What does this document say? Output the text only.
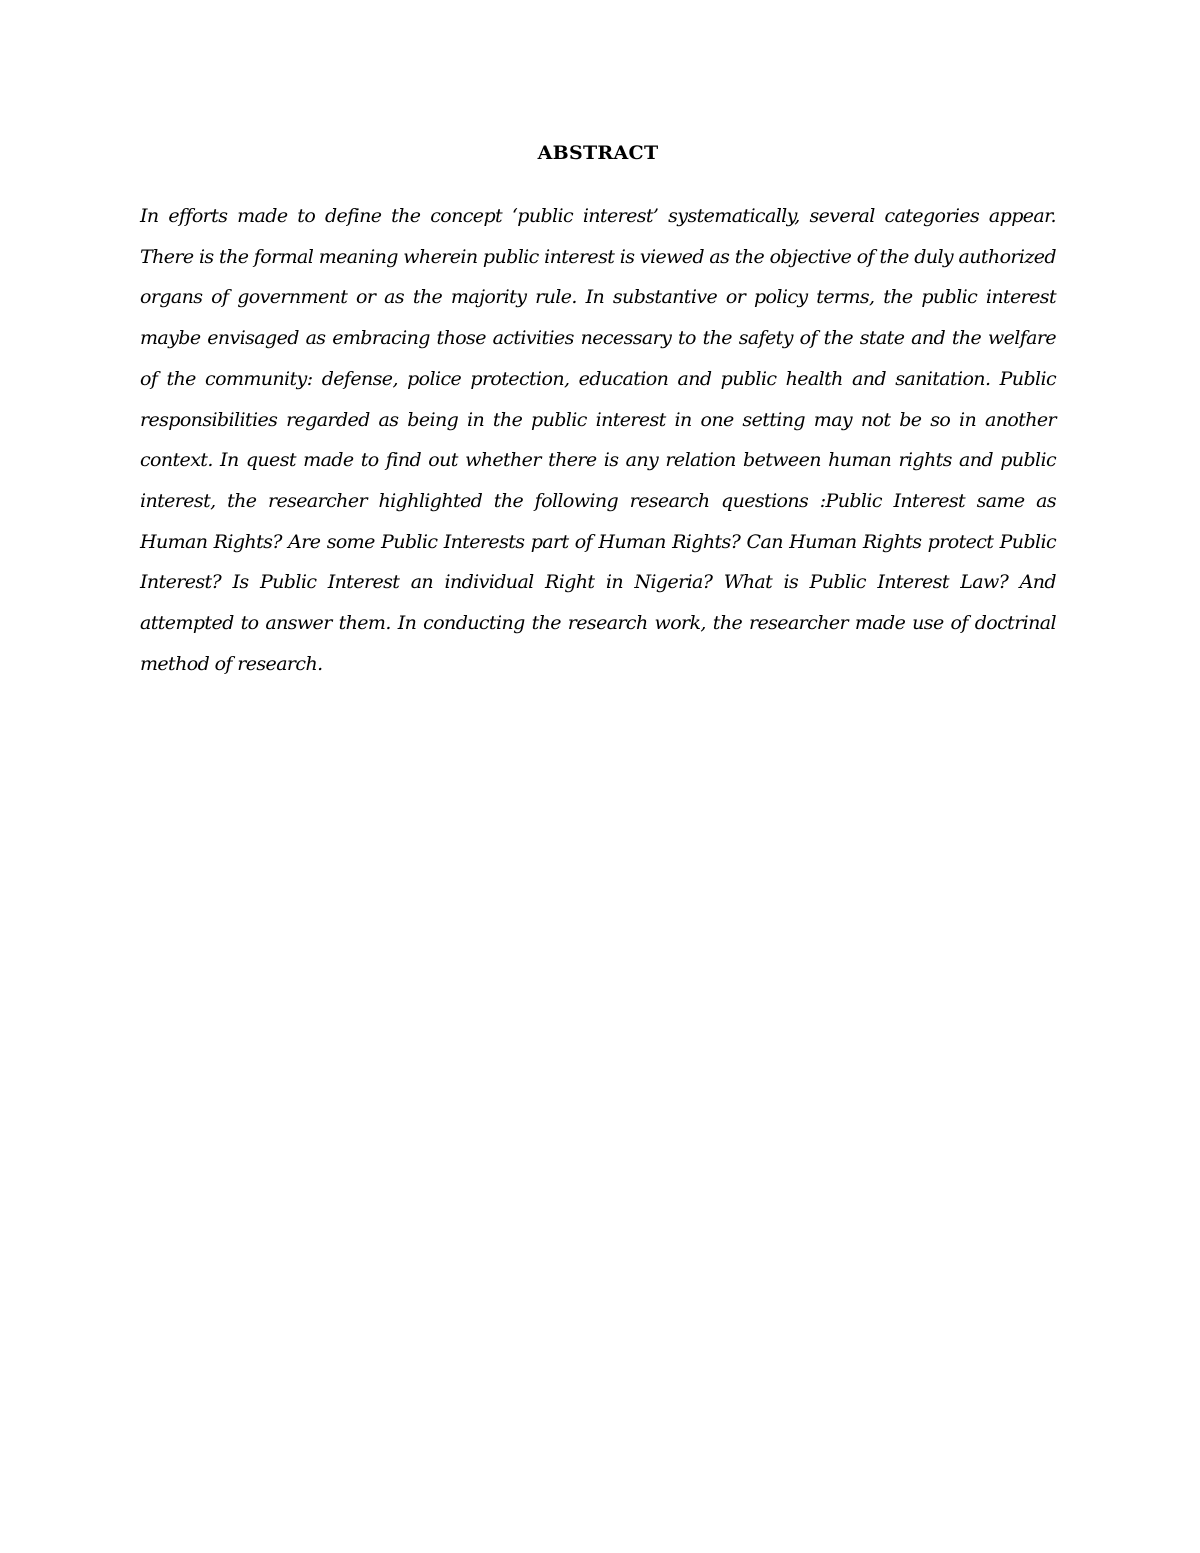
ABSTRACT

In efforts made to define the concept ‘public interest’ systematically, several categories appear. There is the formal meaning wherein public interest is viewed as the objective of the duly authorized organs of government or as the majority rule. In substantive or policy terms, the public interest maybe envisaged as embracing those activities necessary to the safety of the state and the welfare of the community: defense, police protection, education and public health and sanitation. Public responsibilities regarded as being in the public interest in one setting may not be so in another context. In quest made to find out whether there is any relation between human rights and public interest, the researcher highlighted the following research questions :Public Interest same as Human Rights? Are some Public Interests part of Human Rights? Can Human Rights protect Public Interest? Is Public Interest an individual Right in Nigeria? What is Public Interest Law? And attempted to answer them. In conducting the research work, the researcher made use of doctrinal method of research.
